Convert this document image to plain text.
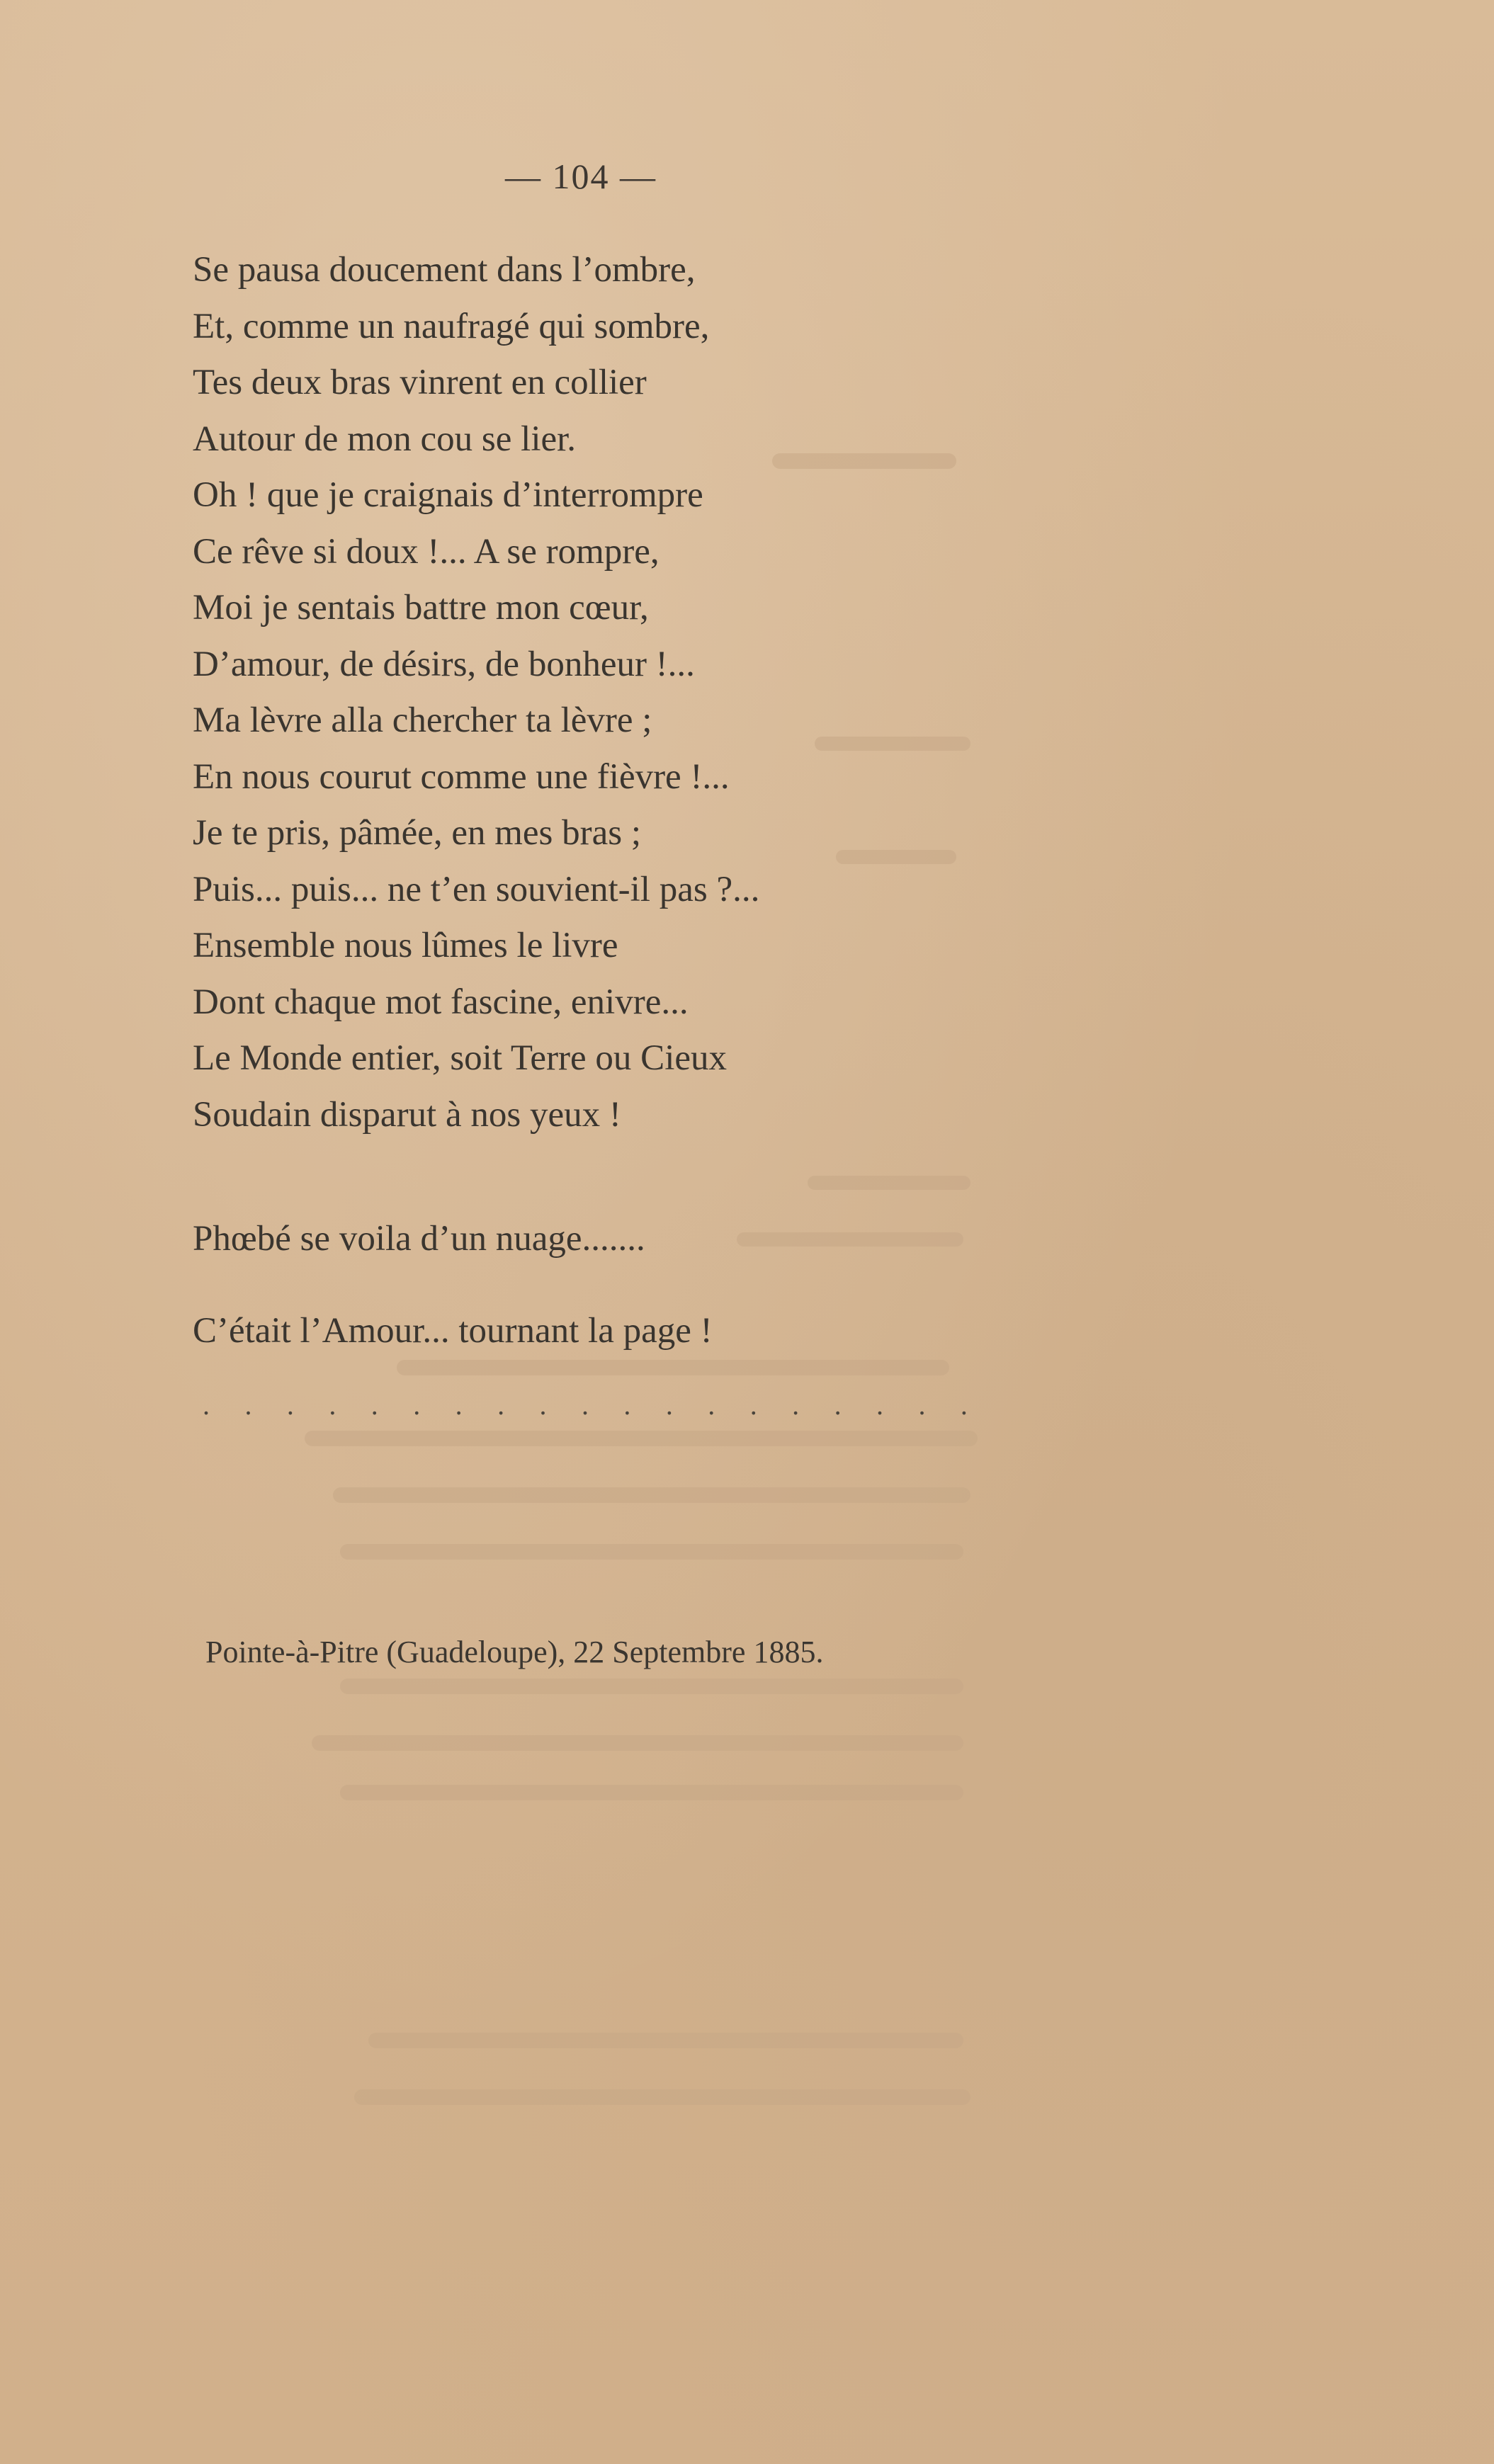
— 104 —
Se pausa doucement dans l’ombre,
Et, comme un naufragé qui sombre,
Tes deux bras vinrent en collier
Autour de mon cou se lier.
Oh ! que je craignais d’interrompre
Ce rêve si doux !... A se rompre,
Moi je sentais battre mon cœur,
D’amour, de désirs, de bonheur !...
Ma lèvre alla chercher ta lèvre ;
En nous courut comme une fièvre !...
Je te pris, pâmée, en mes bras ;
Puis... puis... ne t’en souvient-il pas ?...
Ensemble nous lûmes le livre
Dont chaque mot fascine, enivre...
Le Monde entier, soit Terre ou Cieux
Soudain disparut à nos yeux !
Phœbé se voila d’un nuage.......
C’était l’Amour... tournant la page !
. . . . . . . . . . . . . . . . . . .
Pointe-à-Pitre (Guadeloupe), 22 Septembre 1885.
